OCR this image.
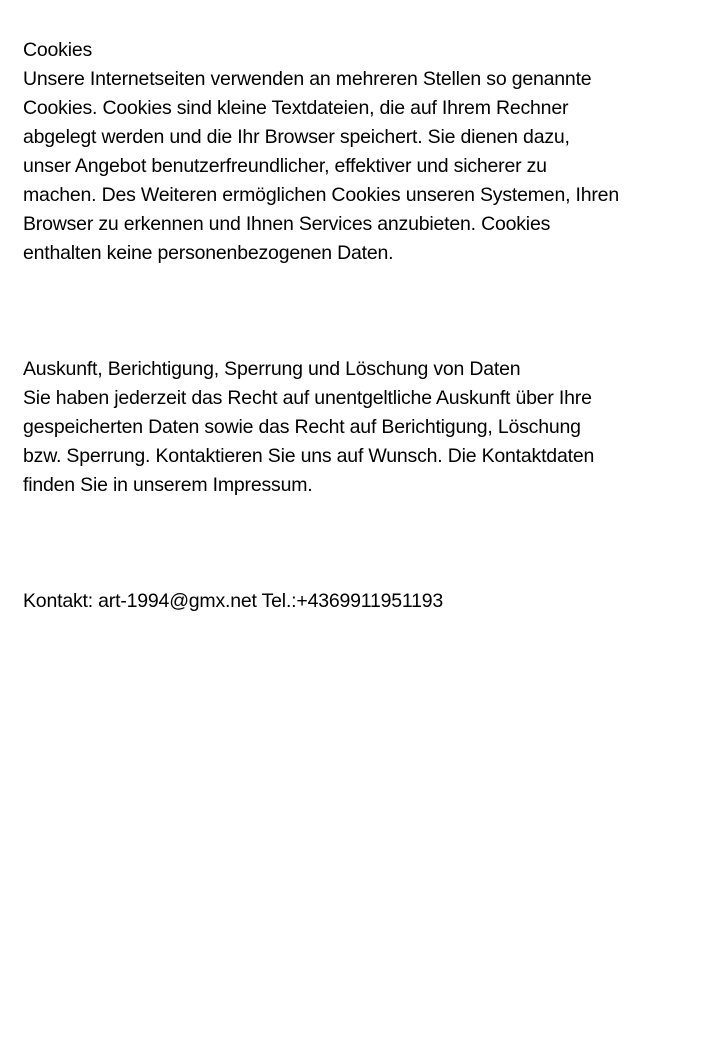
Cookies
Unsere Internetseiten verwenden an mehreren Stellen so genannte
Cookies. Cookies sind kleine Textdateien, die auf Ihrem Rechner
abgelegt werden und die Ihr Browser speichert. Sie dienen dazu,
unser Angebot benutzerfreundlicher, effektiver und sicherer zu
machen. Des Weiteren ermöglichen Cookies unseren Systemen, Ihren
Browser zu erkennen und Ihnen Services anzubieten. Cookies
enthalten keine personenbezogenen Daten.
Auskunft, Berichtigung, Sperrung und Löschung von Daten
Sie haben jederzeit das Recht auf unentgeltliche Auskunft über Ihre
gespeicherten Daten sowie das Recht auf Berichtigung, Löschung
bzw. Sperrung. Kontaktieren Sie uns auf Wunsch. Die Kontaktdaten
finden Sie in unserem Impressum.
Kontakt: art-1994@gmx.net Tel.:+4369911951193
